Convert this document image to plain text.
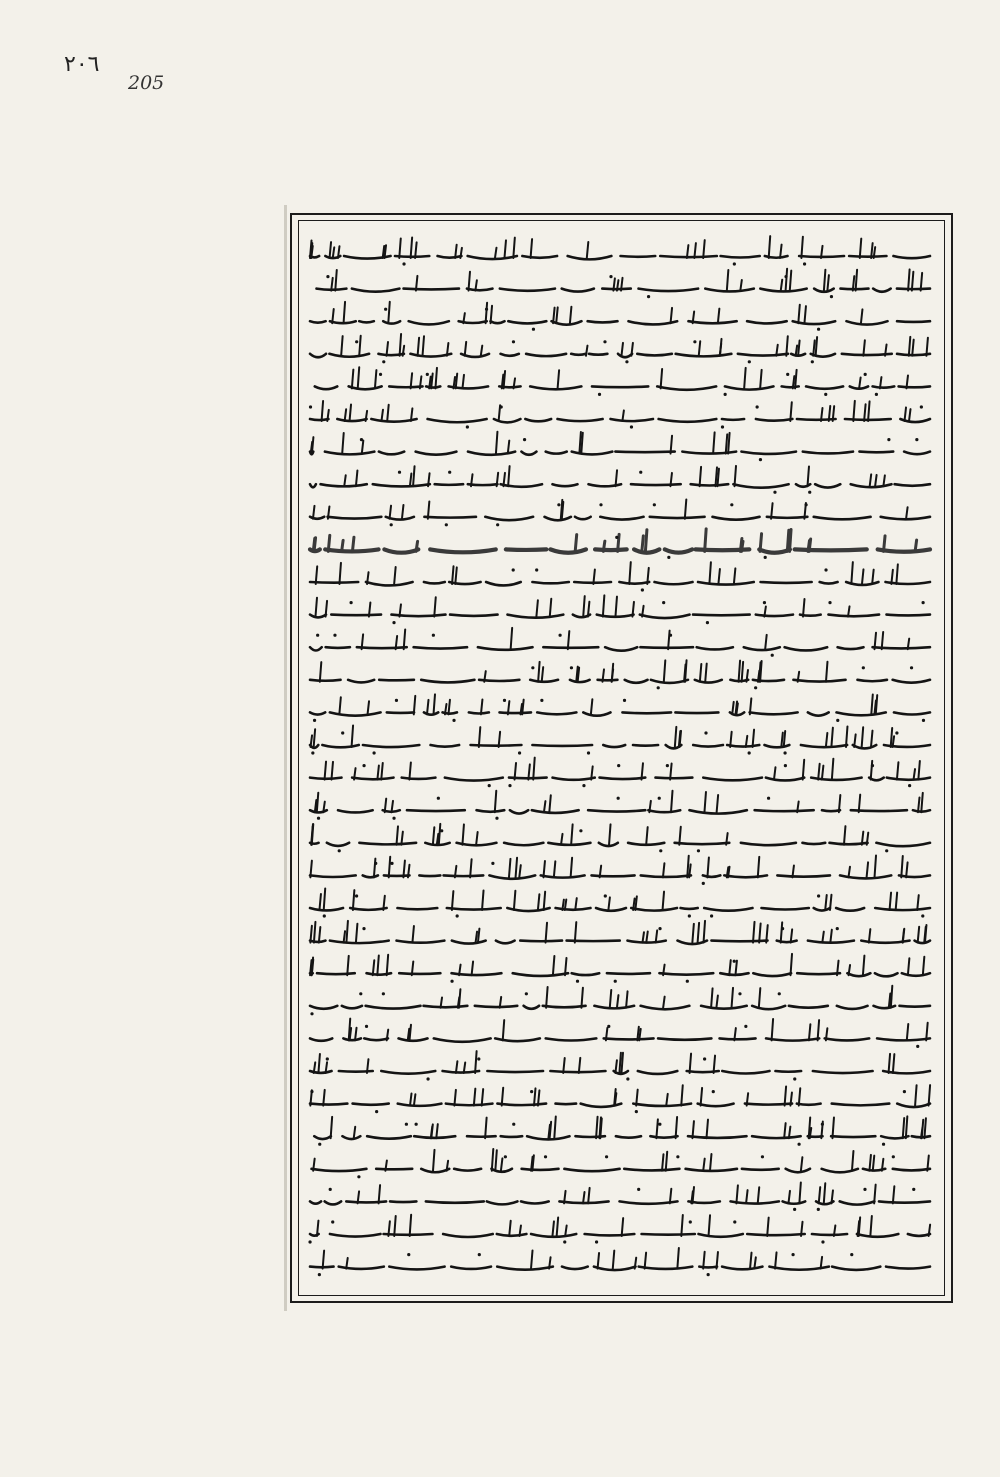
٢٠٦
205
